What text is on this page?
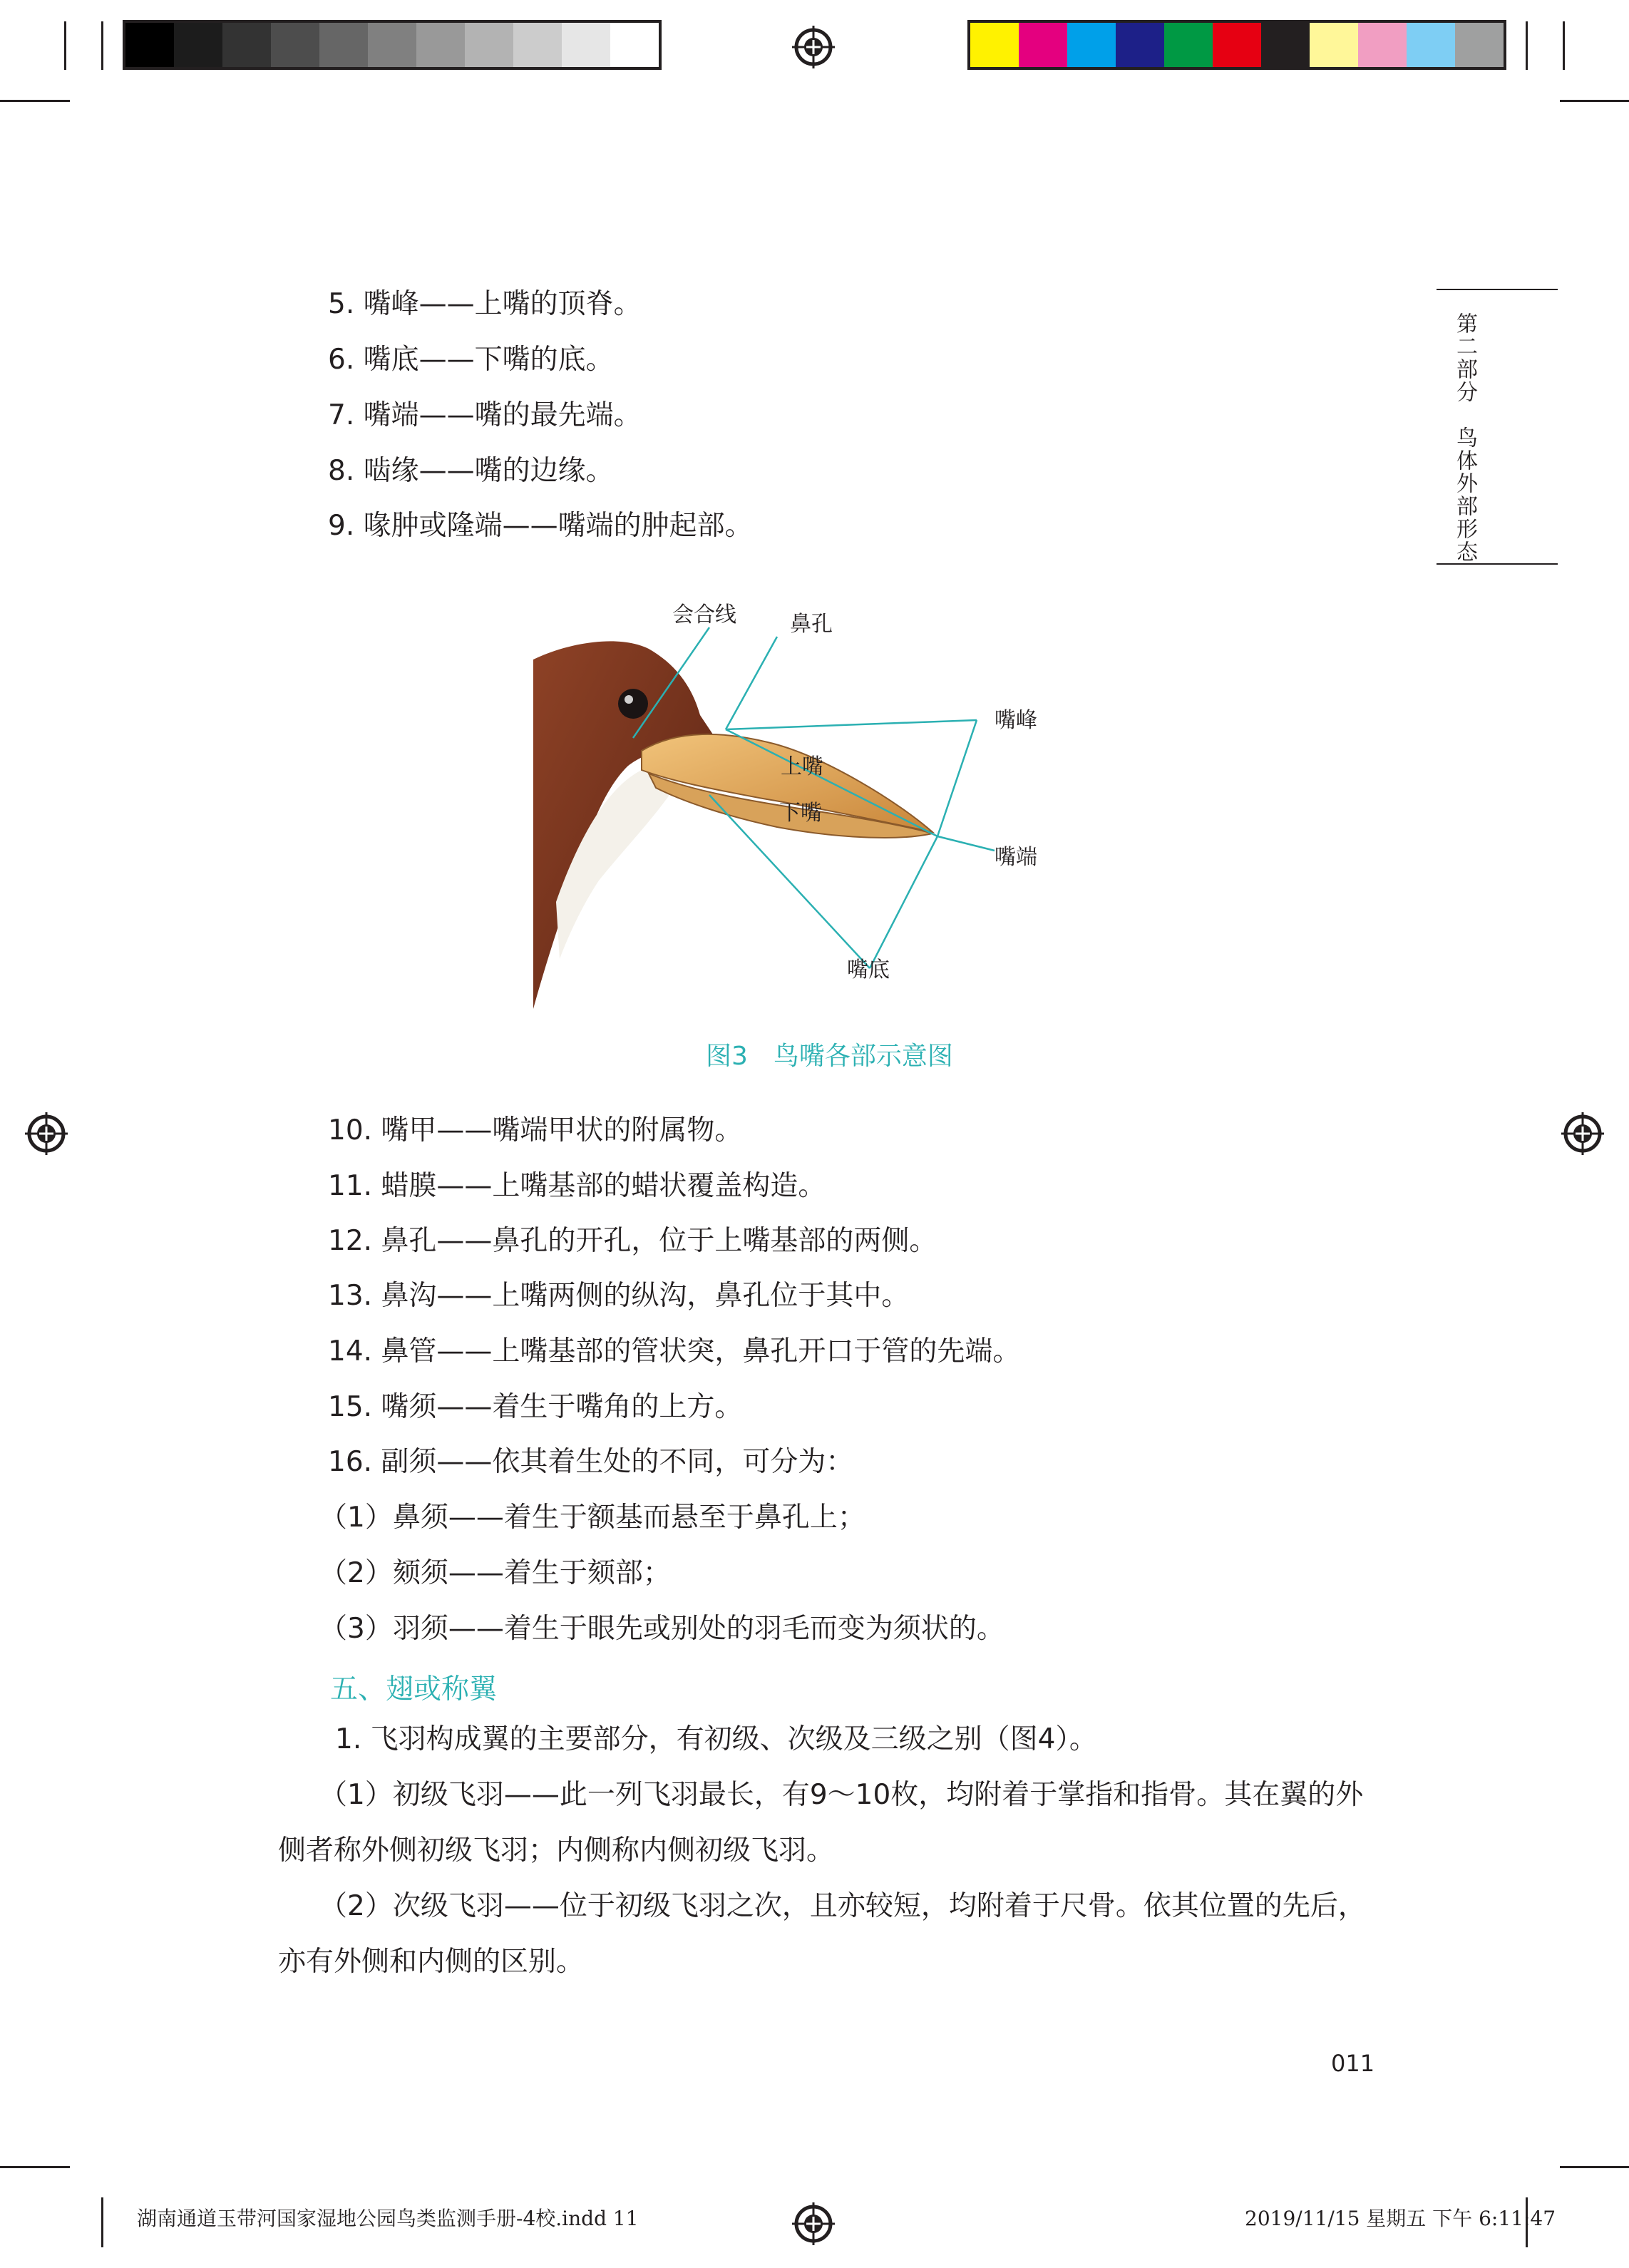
第二部分　鸟体外部形态
5. 嘴峰——上嘴的顶脊。
6. 嘴底——下嘴的底。
7. 嘴端——嘴的最先端。
8. 啮缘——嘴的边缘。
9. 喙肿或隆端——嘴端的肿起部。
会合线	鼻孔
嘴峰
上嘴
下嘴
嘴端
嘴底
图3　鸟嘴各部示意图
10. 嘴甲——嘴端甲状的附属物。
11. 蜡膜——上嘴基部的蜡状覆盖构造。
12. 鼻孔——鼻孔的开孔，位于上嘴基部的两侧。
13. 鼻沟——上嘴两侧的纵沟，鼻孔位于其中。
14. 鼻管——上嘴基部的管状突，鼻孔开口于管的先端。
15. 嘴须——着生于嘴角的上方。
16. 副须——依其着生处的不同，可分为：
（1）鼻须——着生于额基而悬至于鼻孔上；
（2）颏须——着生于颏部；
（3）羽须——着生于眼先或别处的羽毛而变为须状的。
五、翅或称翼
1. 飞羽构成翼的主要部分，有初级、次级及三级之别（图4）。
（1）初级飞羽——此一列飞羽最长，有9～10枚，均附着于掌指和指骨。其在翼的外侧者称外侧初级飞羽；内侧称内侧初级飞羽。
（2）次级飞羽——位于初级飞羽之次，且亦较短，均附着于尺骨。依其位置的先后，亦有外侧和内侧的区别。
011
湖南通道玉带河国家湿地公园鸟类监测手册-4校.indd 11	2019/11/15 星期五 下午 6:11:47
